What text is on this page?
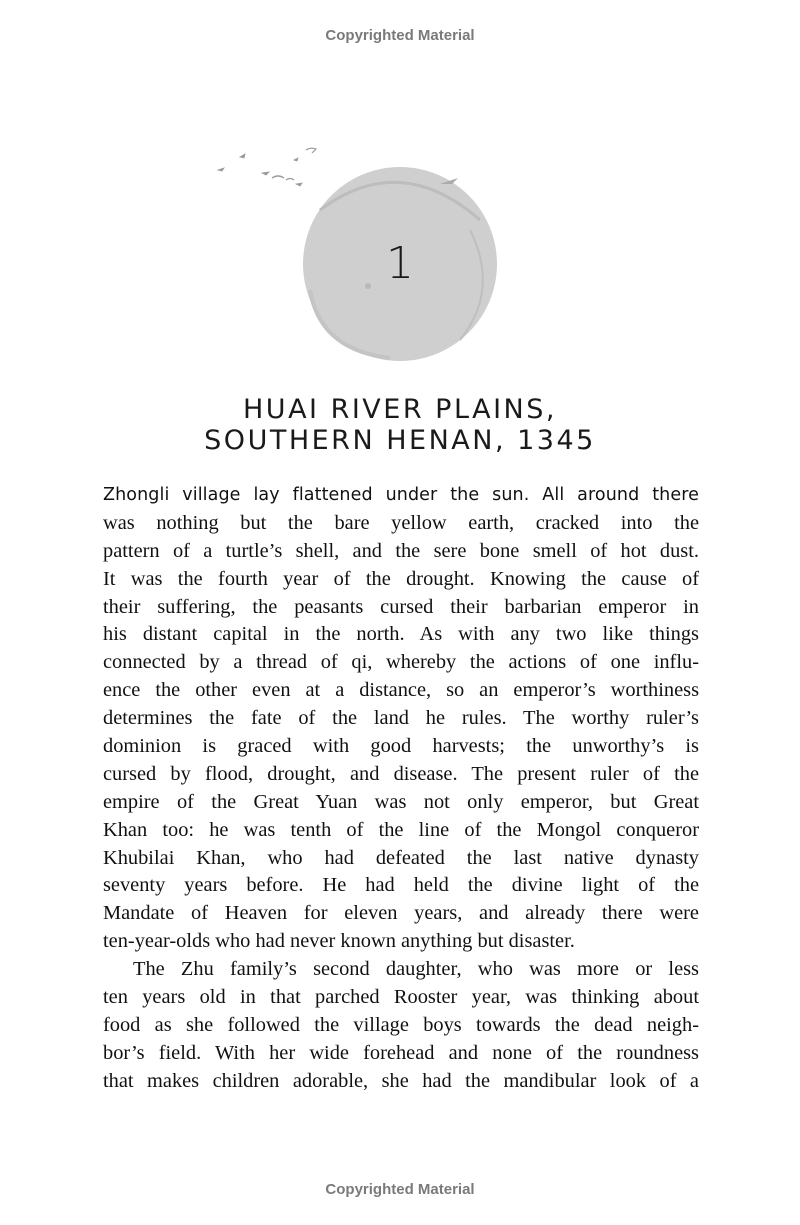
Copyrighted Material
1
HUAI RIVER PLAINS,
SOUTHERN HENAN, 1345

Zhongli village lay flattened under the sun. All around there
was nothing but the bare yellow earth, cracked into the
pattern of a turtle’s shell, and the sere bone smell of hot dust.
It was the fourth year of the drought. Knowing the cause of
their suffering, the peasants cursed their barbarian emperor in
his distant capital in the north. As with any two like things
connected by a thread of qi, whereby the actions of one influ-
ence the other even at a distance, so an emperor’s worthiness
determines the fate of the land he rules. The worthy ruler’s
dominion is graced with good harvests; the unworthy’s is
cursed by flood, drought, and disease. The present ruler of the
empire of the Great Yuan was not only emperor, but Great
Khan too: he was tenth of the line of the Mongol conqueror
Khubilai Khan, who had defeated the last native dynasty
seventy years before. He had held the divine light of the
Mandate of Heaven for eleven years, and already there were
ten-year-olds who had never known anything but disaster.

The Zhu family’s second daughter, who was more or less
ten years old in that parched Rooster year, was thinking about
food as she followed the village boys towards the dead neigh-
bor’s field. With her wide forehead and none of the roundness
that makes children adorable, she had the mandibular look of a

Copyrighted Material
